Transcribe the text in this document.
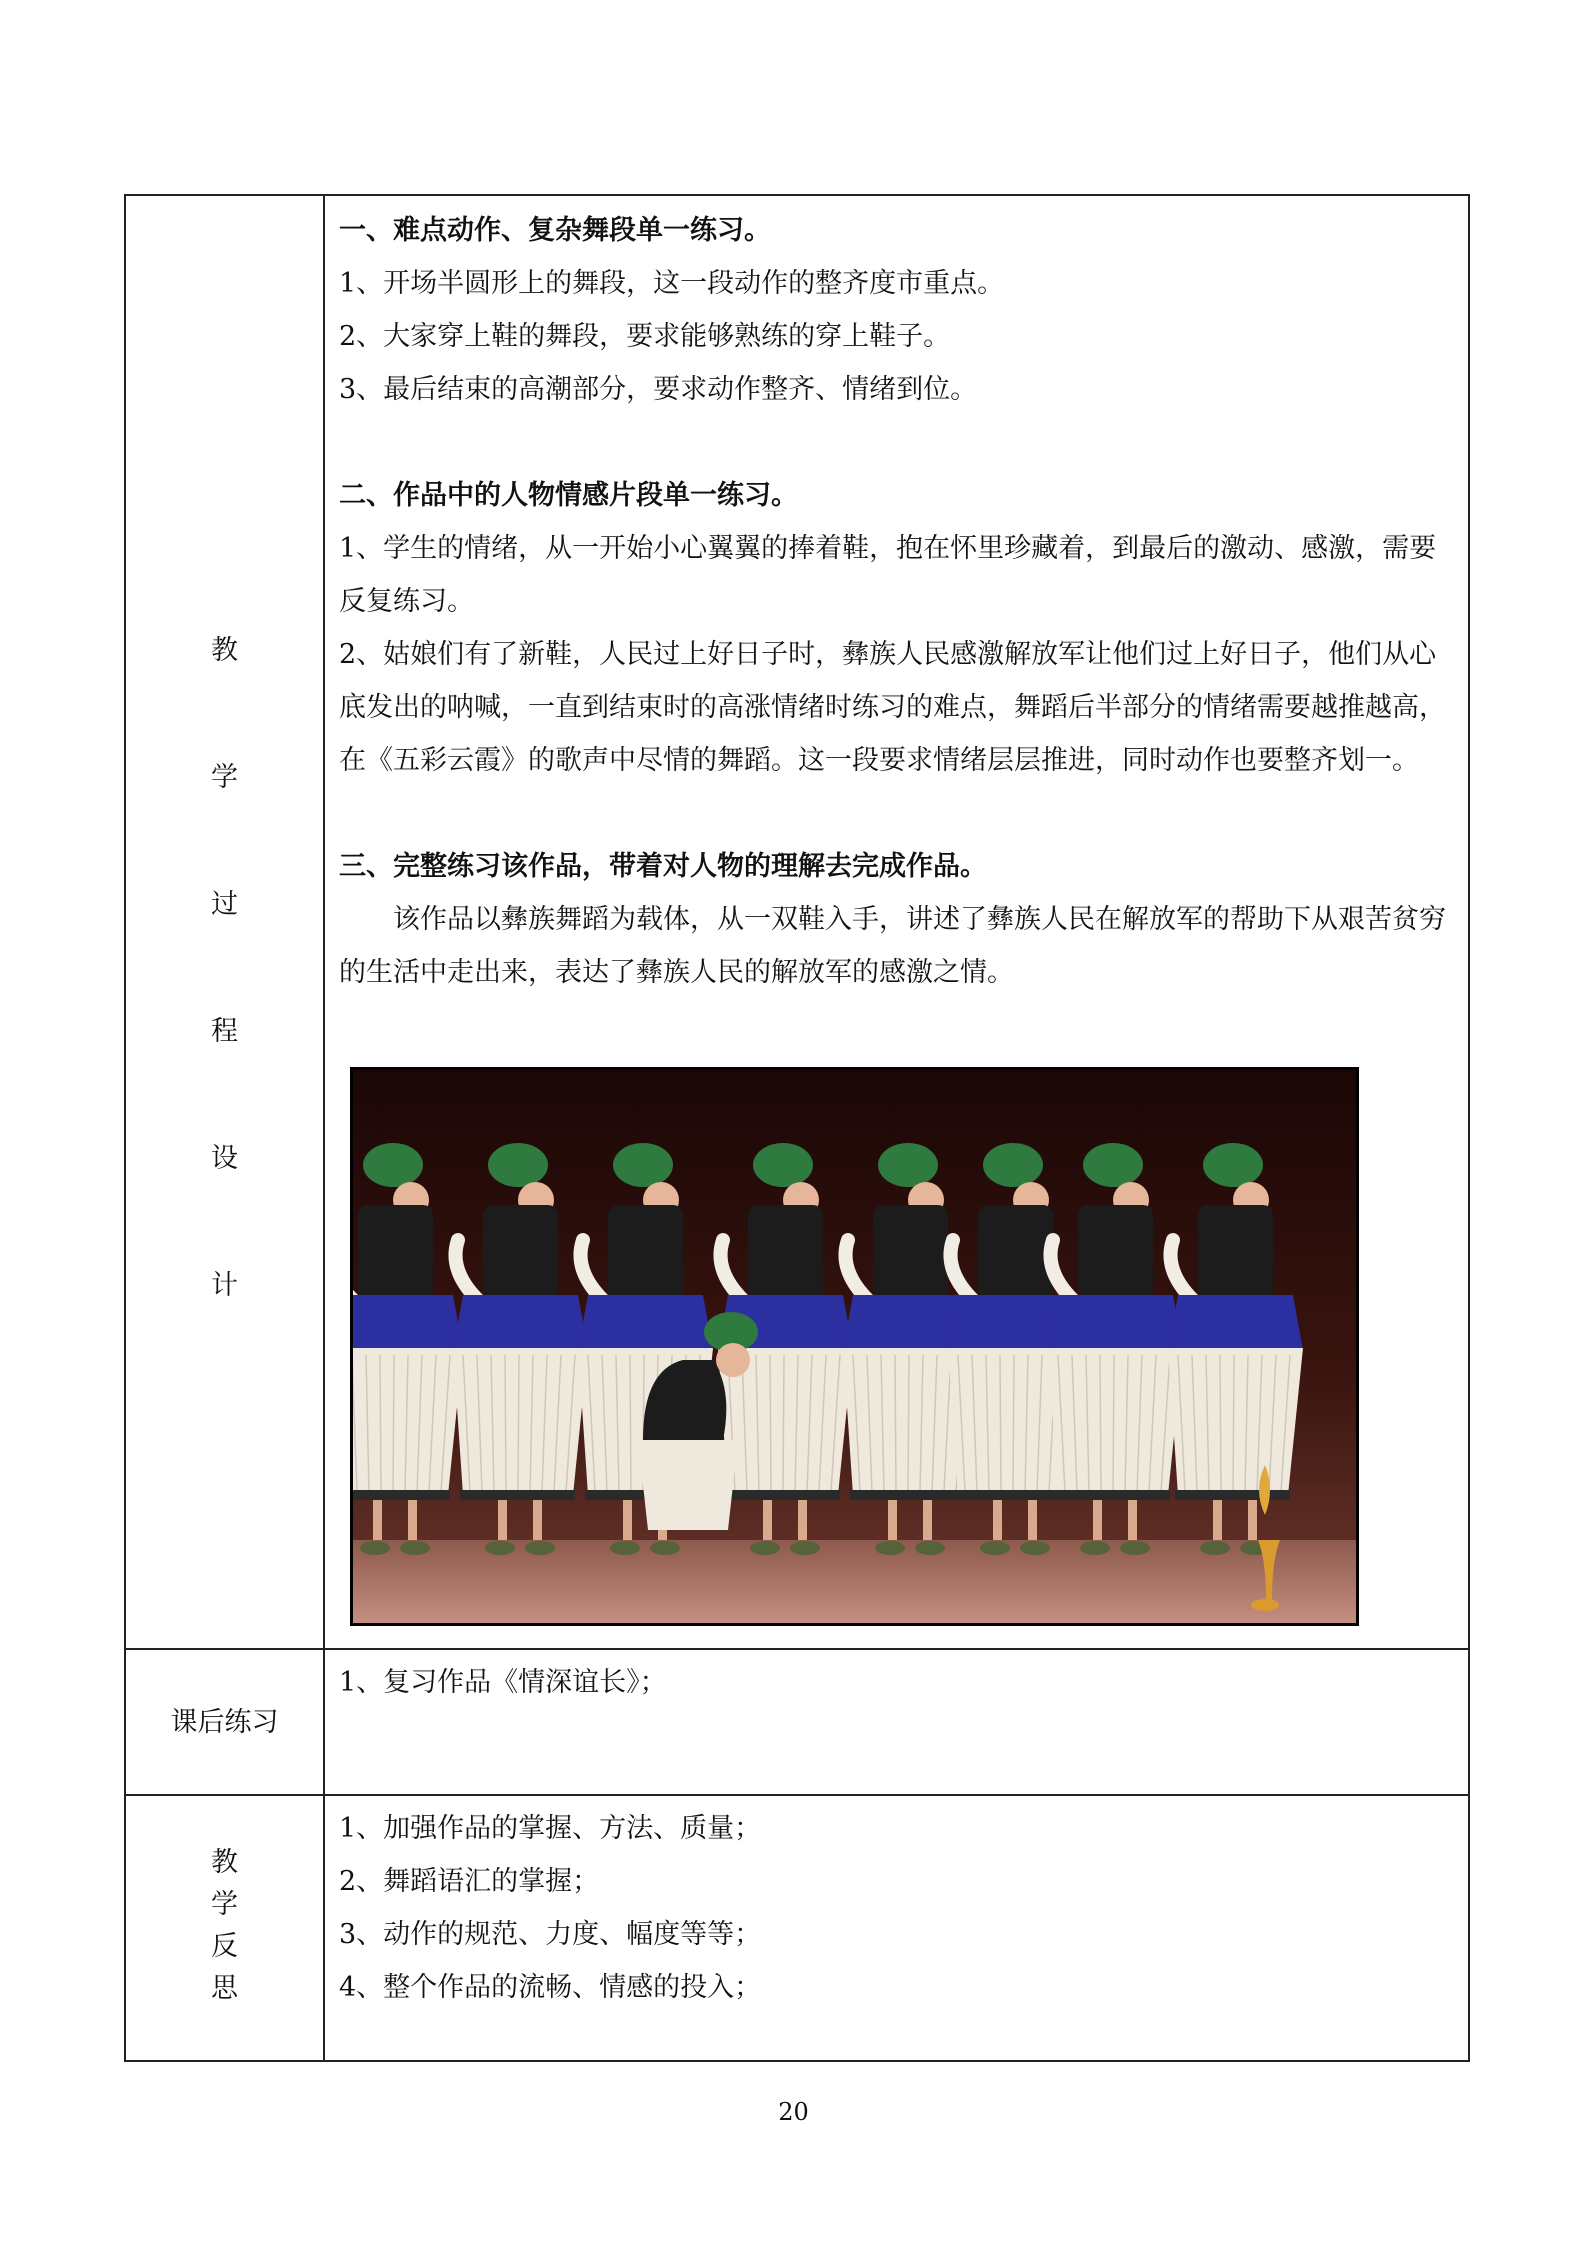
教
学
过
程
设
计

一、难点动作、复杂舞段单一练习。

1、开场半圆形上的舞段，这一段动作的整齐度市重点。

2、大家穿上鞋的舞段，要求能够熟练的穿上鞋子。

3、最后结束的高潮部分，要求动作整齐、情绪到位。

二、作品中的人物情感片段单一练习。

1、学生的情绪，从一开始小心翼翼的捧着鞋，抱在怀里珍藏着，到最后的激动、感激，需要反复练习。

2、姑娘们有了新鞋，人民过上好日子时，彝族人民感激解放军让他们过上好日子，他们从心底发出的呐喊，一直到结束时的高涨情绪时练习的难点，舞蹈后半部分的情绪需要越推越高，在《五彩云霞》的歌声中尽情的舞蹈。这一段要求情绪层层推进，同时动作也要整齐划一。

三、完整练习该作品，带着对人物的理解去完成作品。

该作品以彝族舞蹈为载体，从一双鞋入手，讲述了彝族人民在解放军的帮助下从艰苦贫穷的生活中走出来，表达了彝族人民的解放军的感激之情。

课后练习

1、复习作品《情深谊长》；

教
学
反
思

1、加强作品的掌握、方法、质量；

2、舞蹈语汇的掌握；

3、动作的规范、力度、幅度等等；

4、整个作品的流畅、情感的投入；

20
